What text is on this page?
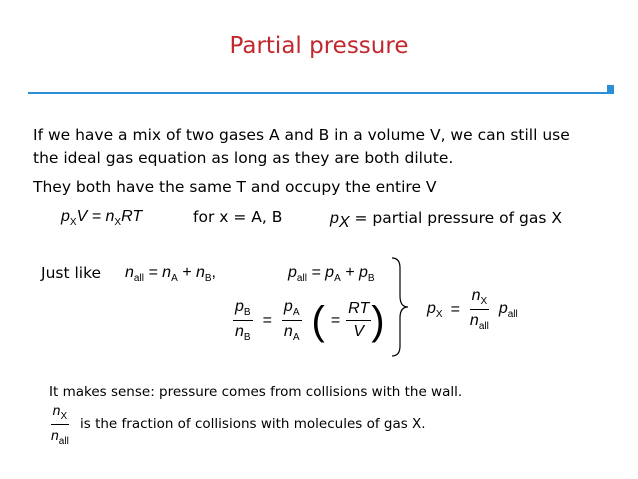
Partial pressure
If we have a mix of two gases A and B in a volume V, we can still use
the ideal gas equation as long as they are both dilute.
They both have the same T and occupy the entire V
$p_XV = n_XRT$	for x = A, B	$p_X$ = partial pressure of gas X
Just like $n_{all} = n_A + n_B$,	$p_{all} = p_A + p_B$
$\frac{p_B}{n_B} = \frac{p_A}{n_A}$ ( = $\frac{RT}{V}$ )	$p_X = \frac{n_X}{n_{all}} p_{all}$
It makes sense: pressure comes from collisions with the wall.
$\frac{n_X}{n_{all}}$ is the fraction of collisions with molecules of gas X.
